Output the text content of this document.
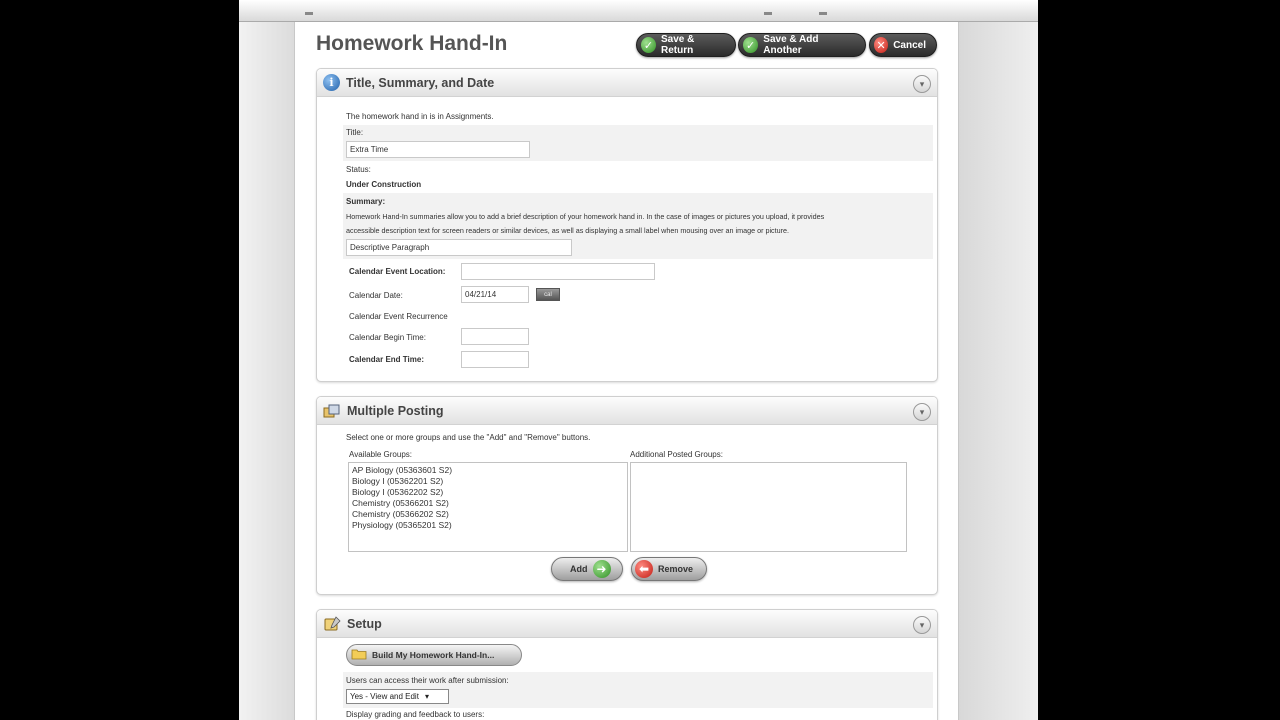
Homework Hand-In	✓ Save & Return	✓ Save & Add Another	✕ Cancel
i Title, Summary, and Date	▾
The homework hand in is in Assignments.
Title:
Extra Time
Status:
Under Construction
Summary:
Homework Hand-In summaries allow you to add a brief description of your homework hand in. In the case of images or pictures you upload, it provides
accessible description text for screen readers or similar devices, as well as displaying a small label when mousing over an image or picture.
Descriptive Paragraph
Calendar Event Location:
Calendar Date:	04/21/14	cal
Calendar Event Recurrence
Calendar Begin Time:
Calendar End Time:
Multiple Posting	▾
Select one or more groups and use the "Add" and "Remove" buttons.
Available Groups:	Additional Posted Groups:
AP Biology (05363601 S2)
Biology I (05362201 S2)
Biology I (05362202 S2)
Chemistry (05366201 S2)
Chemistry (05366202 S2)
Physiology (05365201 S2)
Add ➜	⬅ Remove
Setup	▾
Build My Homework Hand-In...
Users can access their work after submission:
Yes - View and Edit ▾
Display grading and feedback to users:
